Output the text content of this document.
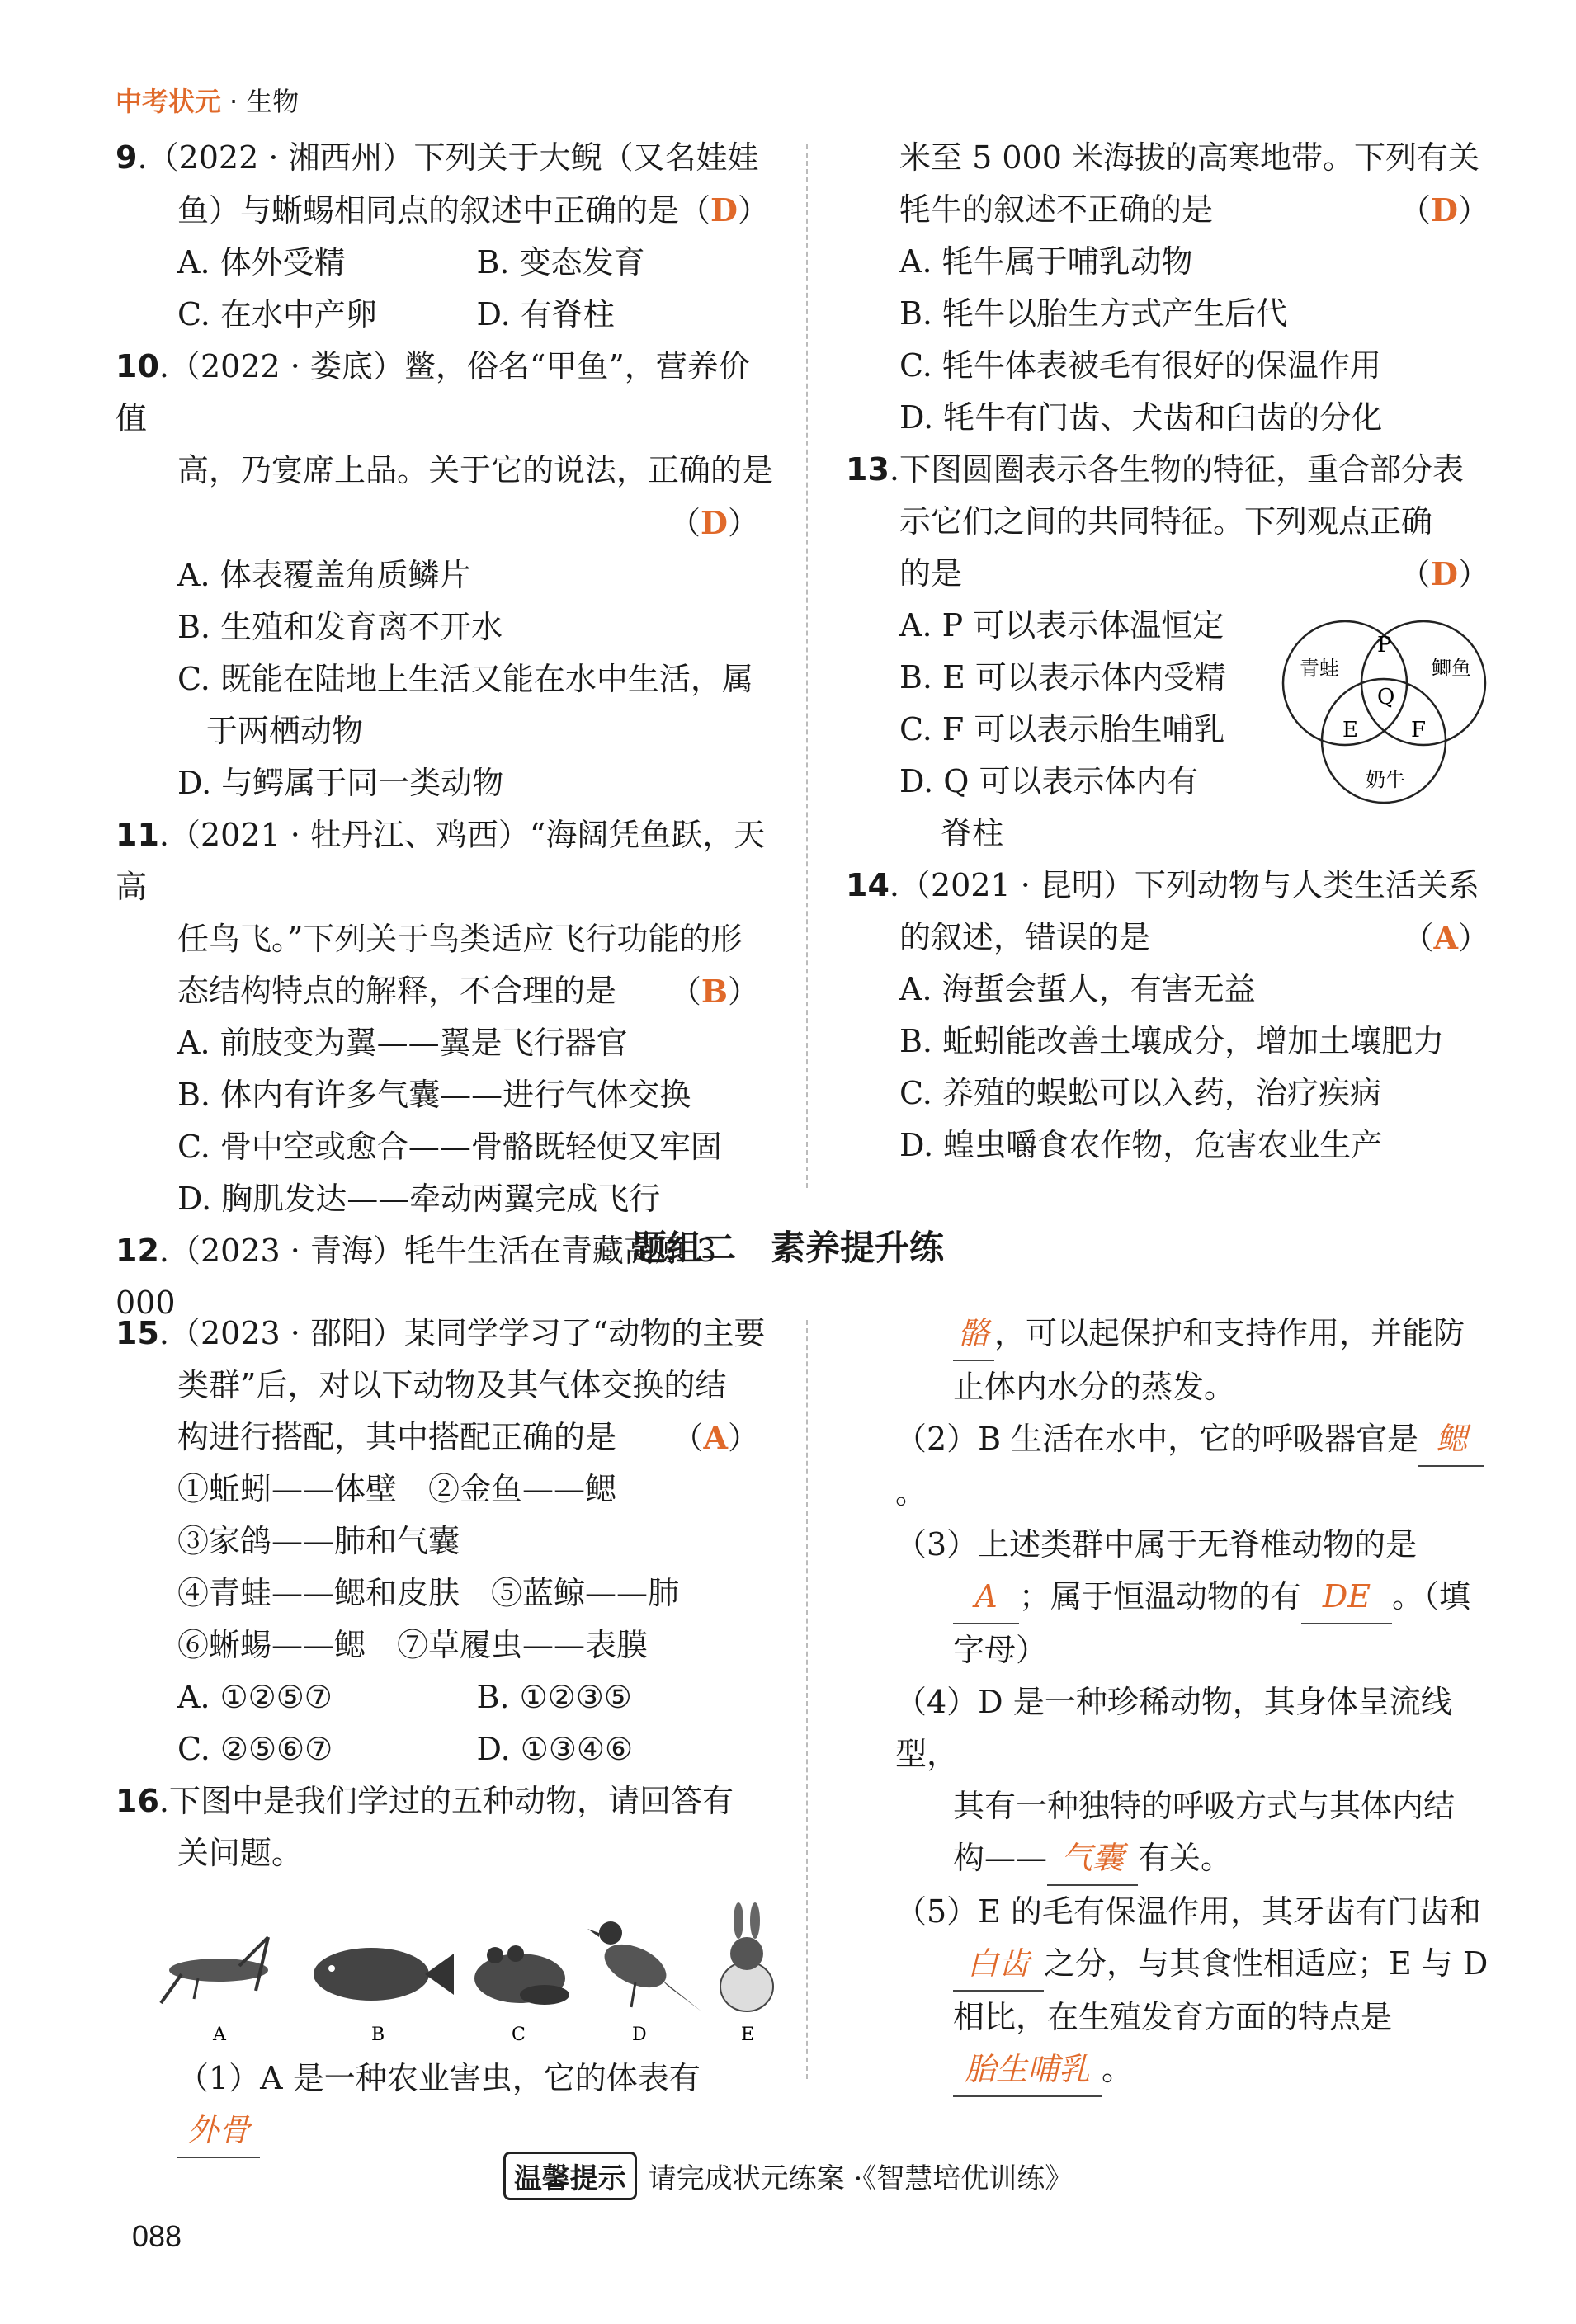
中考状元 · 生物
9.（2022 · 湘西州）下列关于大鲵（又名娃娃
鱼）与蜥蜴相同点的叙述中正确的是（D）
A. 体外受精	B. 变态发育
C. 在水中产卵	D. 有脊柱
10.（2022 · 娄底）鳖，俗名“甲鱼”，营养价值
高，乃宴席上品。关于它的说法，正确的是
（D）
A. 体表覆盖角质鳞片
B. 生殖和发育离不开水
C. 既能在陆地上生活又能在水中生活，属
于两栖动物
D. 与鳄属于同一类动物
11.（2021 · 牡丹江、鸡西）“海阔凭鱼跃，天高
任鸟飞。”下列关于鸟类适应飞行功能的形
态结构特点的解释，不合理的是 （B）
A. 前肢变为翼——翼是飞行器官
B. 体内有许多气囊——进行气体交换
C. 骨中空或愈合——骨骼既轻便又牢固
D. 胸肌发达——牵动两翼完成飞行
12.（2023 · 青海）牦牛生活在青藏高原 3 000
米至 5 000 米海拔的高寒地带。下列有关
牦牛的叙述不正确的是	（D）
A. 牦牛属于哺乳动物
B. 牦牛以胎生方式产生后代
C. 牦牛体表被毛有很好的保温作用
D. 牦牛有门齿、犬齿和臼齿的分化
13.下图圆圈表示各生物的特征，重合部分表
示它们之间的共同特征。下列观点正确
的是	（D）
A. P 可以表示体温恒定
B. E 可以表示体内受精
C. F 可以表示胎生哺乳
D. Q 可以表示体内有
脊柱
青蛙	鲫鱼
奶牛
P
Q
E F
14.（2021 · 昆明）下列动物与人类生活关系
的叙述，错误的是	（A）
A. 海蜇会蜇人，有害无益
B. 蚯蚓能改善土壤成分，增加土壤肥力
C. 养殖的蜈蚣可以入药，治疗疾病
D. 蝗虫嚼食农作物，危害农业生产
题组二　素养提升练
15.（2023 · 邵阳）某同学学习了“动物的主要
类群”后，对以下动物及其气体交换的结
构进行搭配，其中搭配正确的是 （A）
①蚯蚓——体壁　②金鱼——鳃
③家鸽——肺和气囊
④青蛙——鳃和皮肤　⑤蓝鲸——肺
⑥蜥蜴——鳃　⑦草履虫——表膜
A. ①②⑤⑦	B. ①②③⑤
C. ②⑤⑥⑦	D. ①③④⑥
16.下图中是我们学过的五种动物，请回答有
关问题。
A	B	C	D	E
（1）A 是一种农业害虫，它的体表有外骨
骼 ，可以起保护和支持作用，并能防
止体内水分的蒸发。
（2）B 生活在水中，它的呼吸器官是 鳃。
（3）上述类群中属于无脊椎动物的是
A ；属于恒温动物的有 DE 。（填
字母）
（4）D 是一种珍稀动物，其身体呈流线型，
其有一种独特的呼吸方式与其体内结
构—— 气囊 有关。
（5）E 的毛有保温作用，其牙齿有门齿和
白齿 之分，与其食性相适应；E 与 D
相比，在生殖发育方面的特点是
胎生哺乳 。
温馨提示 请完成状元练案 ·《智慧培优训练》
088
